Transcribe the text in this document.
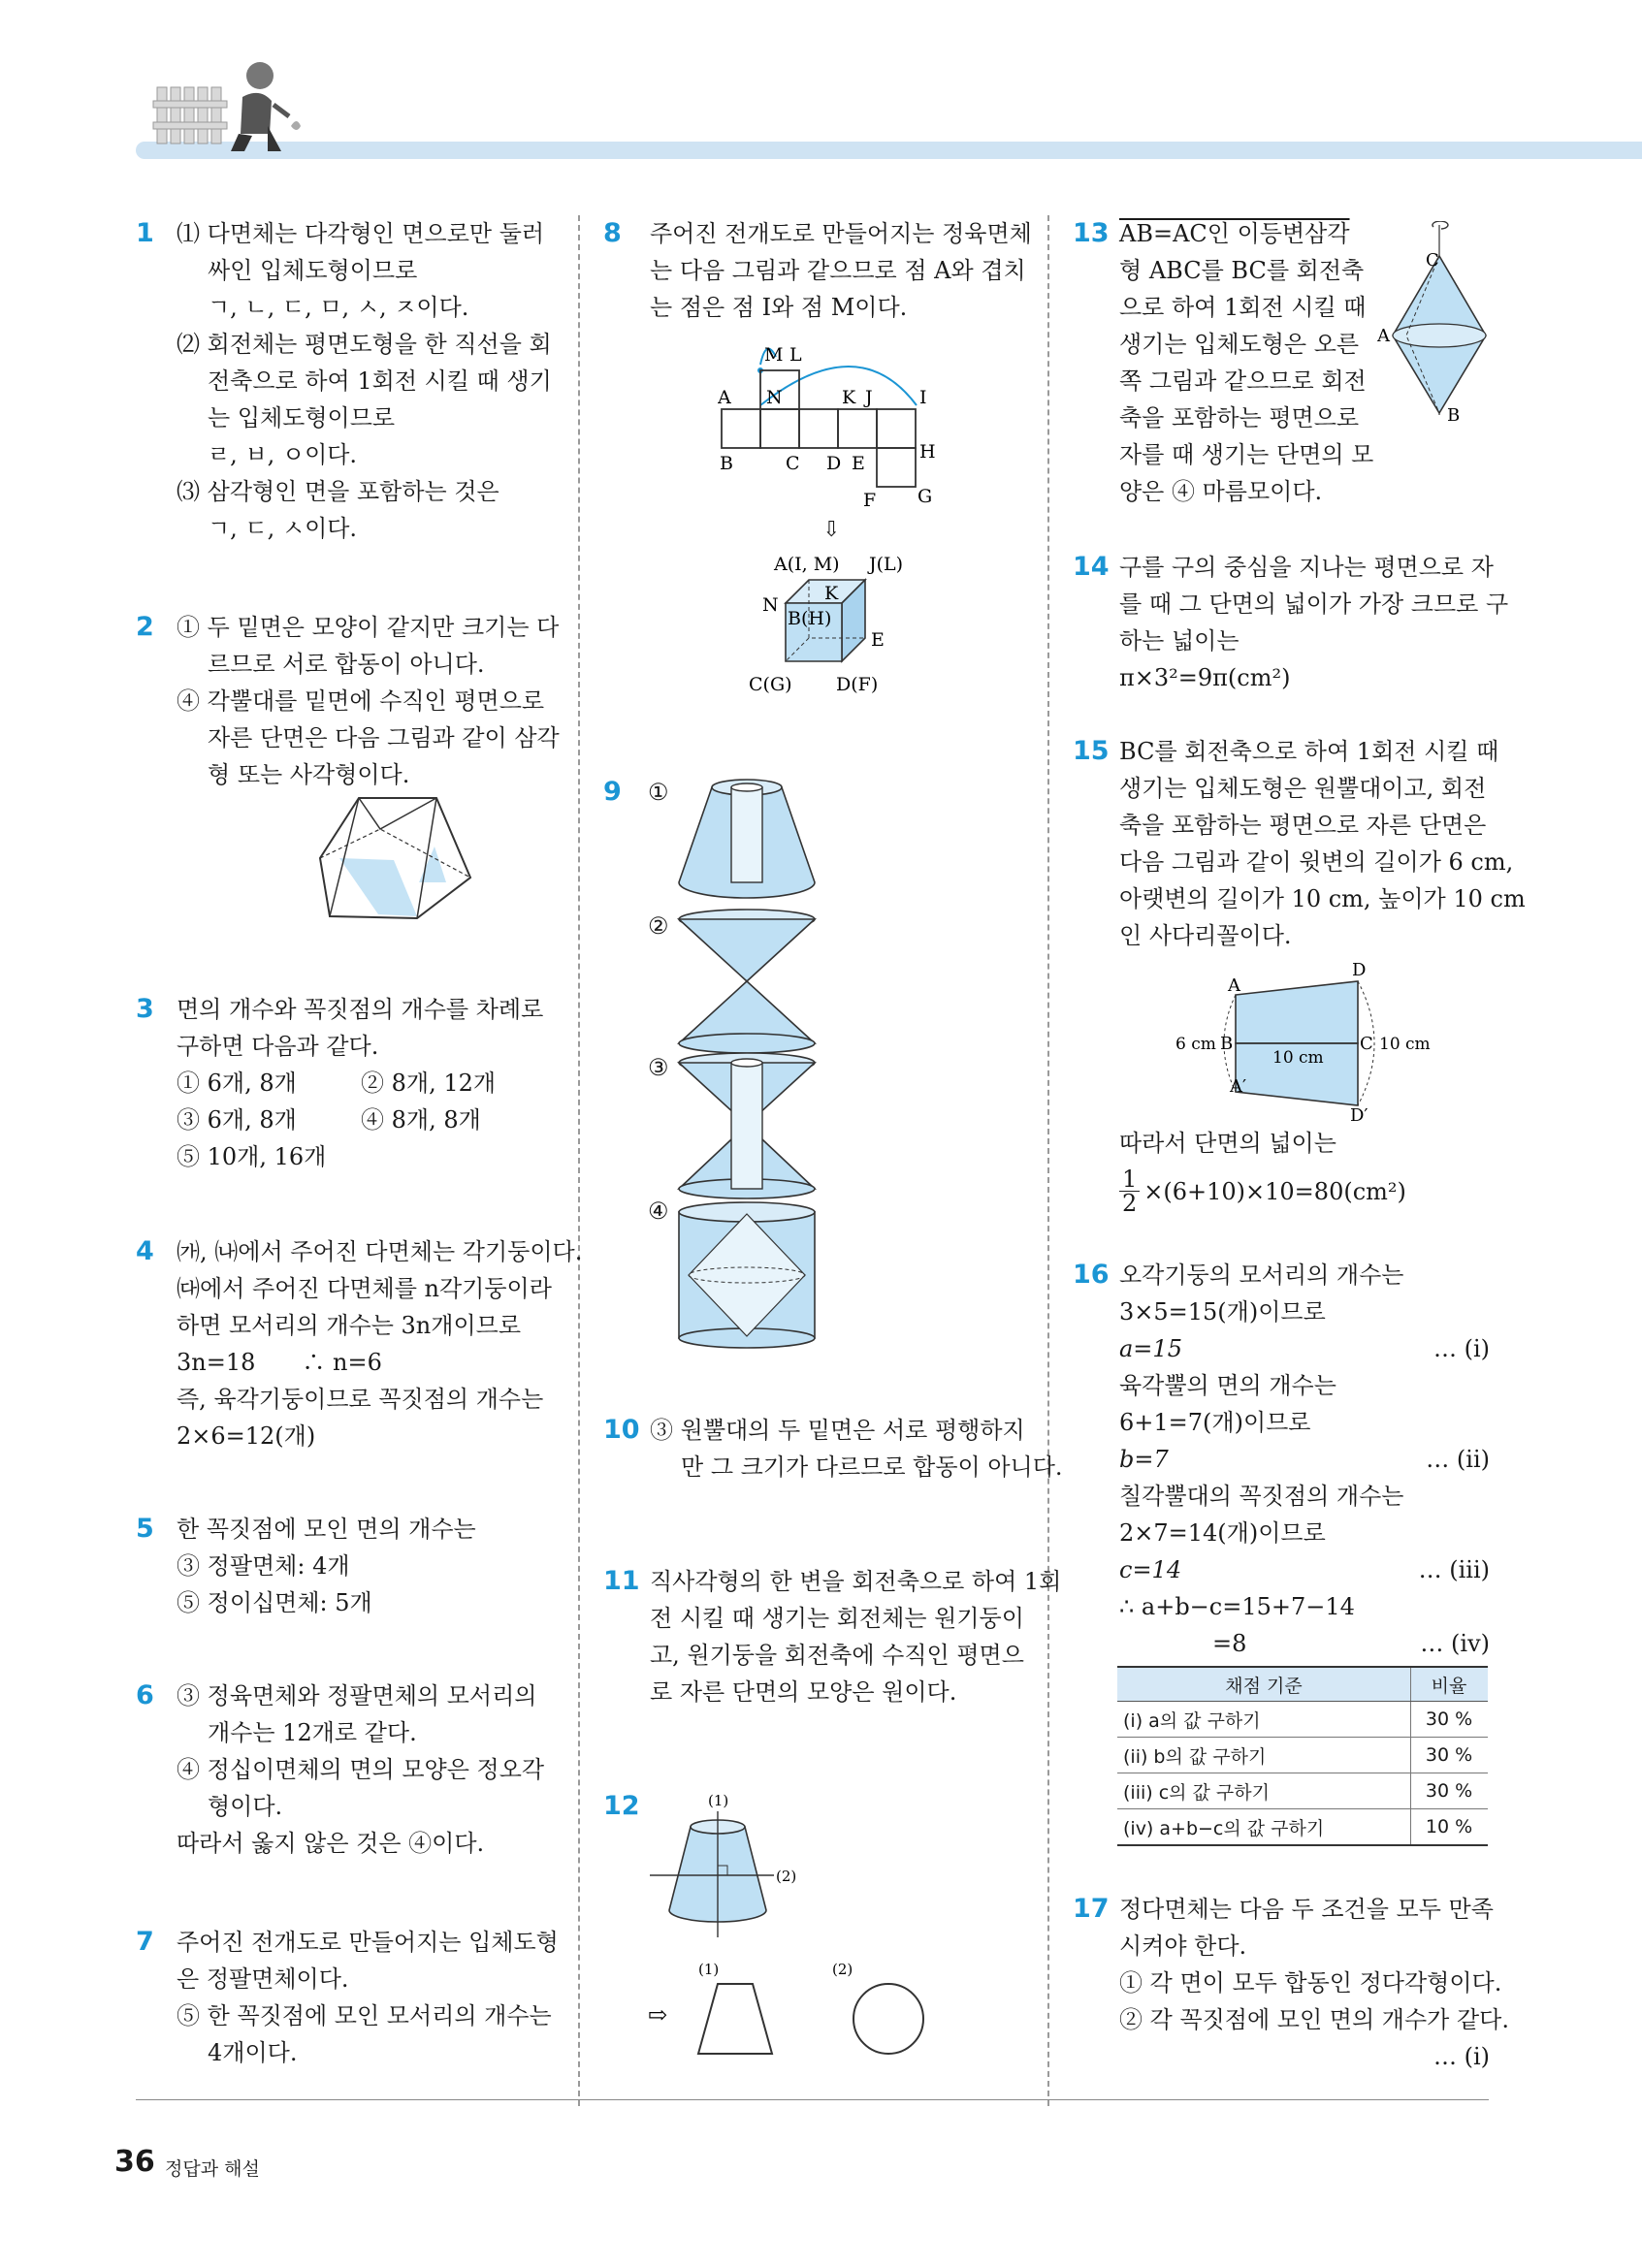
1 ⑴ 다면체는 다각형인 면으로만 둘러
싸인 입체도형이므로
ㄱ, ㄴ, ㄷ, ㅁ, ㅅ, ㅈ이다.
⑵ 회전체는 평면도형을 한 직선을 회
전축으로 하여 1회전 시킬 때 생기
는 입체도형이므로
ㄹ, ㅂ, ㅇ이다.
⑶ 삼각형인 면을 포함하는 것은
ㄱ, ㄷ, ㅅ이다.
2 ① 두 밑면은 모양이 같지만 크기는 다
르므로 서로 합동이 아니다.
④ 각뿔대를 밑면에 수직인 평면으로
자른 단면은 다음 그림과 같이 삼각
형 또는 사각형이다.
3 면의 개수와 꼭짓점의 개수를 차례로
구하면 다음과 같다.
① 6개, 8개	② 8개, 12개
③ 6개, 8개	④ 8개, 8개
⑤ 10개, 16개
4 ㈎, ㈏에서 주어진 다면체는 각기둥이다.
㈐에서 주어진 다면체를 n각기둥이라
하면 모서리의 개수는 3n개이므로
3n=18　　∴ n=6
즉, 육각기둥이므로 꼭짓점의 개수는
2×6=12(개)
5 한 꼭짓점에 모인 면의 개수는
③ 정팔면체: 4개
⑤ 정이십면체: 5개
6 ③ 정육면체와 정팔면체의 모서리의
개수는 12개로 같다.
④ 정십이면체의 면의 모양은 정오각
형이다.
따라서 옳지 않은 것은 ④이다.
7 주어진 전개도로 만들어지는 입체도형
은 정팔면체이다.
⑤ 한 꼭짓점에 모인 모서리의 개수는
4개이다.
8 주어진 전개도로 만들어지는 정육면체
는 다음 그림과 같으므로 점 A와 겹치
는 점은 점 I와 점 M이다.
M L
A N	K J	I
B	C D E
H
F G
⇩
A(I, M) J(L)
N
K
B(H)
E
C(G) D(F)
9 ①
②
③
④
10 ③ 원뿔대의 두 밑면은 서로 평행하지
만 그 크기가 다르므로 합동이 아니다.
11 직사각형의 한 변을 회전축으로 하여 1회
전 시킬 때 생기는 회전체는 원기둥이
고, 원기둥을 회전축에 수직인 평면으
로 자른 단면의 모양은 원이다.
12	(1)
(2)
(1)	(2)
⇨
13 AB=AC인 이등변삼각
형 ABC를 BC를 회전축
으로 하여 1회전 시킬 때
생기는 입체도형은 오른
쪽 그림과 같으므로 회전
축을 포함하는 평면으로
자를 때 생기는 단면의 모
양은 ④ 마름모이다.
C
A
B
14 구를 구의 중심을 지나는 평면으로 자
를 때 그 단면의 넓이가 가장 크므로 구
하는 넓이는
π×3²=9π(cm²)
15 BC를 회전축으로 하여 1회전 시킬 때
생기는 입체도형은 원뿔대이고, 회전
축을 포함하는 평면으로 자른 단면은
다음 그림과 같이 윗변의 길이가 6 cm,
아랫변의 길이가 10 cm, 높이가 10 cm
인 사다리꼴이다.
D
A
6 cm B	C 10 cm
10 cm
A′
D′
따라서 단면의 넓이는
$\frac{1}{2} \times(6+10)\times 10=80(cm^2)$
16 오각기둥의 모서리의 개수는
3×5=15(개)이므로
a=15	… (i)
육각뿔의 면의 개수는
6+1=7(개)이므로
b=7	… (ii)
칠각뿔대의 꼭짓점의 개수는
2×7=14(개)이므로
c=14	… (iii)
∴ a+b−c=15+7−14
　　　　=8	… (iv)
채점 기준	비율
(i) a의 값 구하기	30 %
(ii) b의 값 구하기	30 %
(iii) c의 값 구하기	30 %
(iv) a+b−c의 값 구하기	10 %
17 정다면체는 다음 두 조건을 모두 만족
시켜야 한다.
① 각 면이 모두 합동인 정다각형이다.
② 각 꼭짓점에 모인 면의 개수가 같다.
… (i)
36 정답과 해설
